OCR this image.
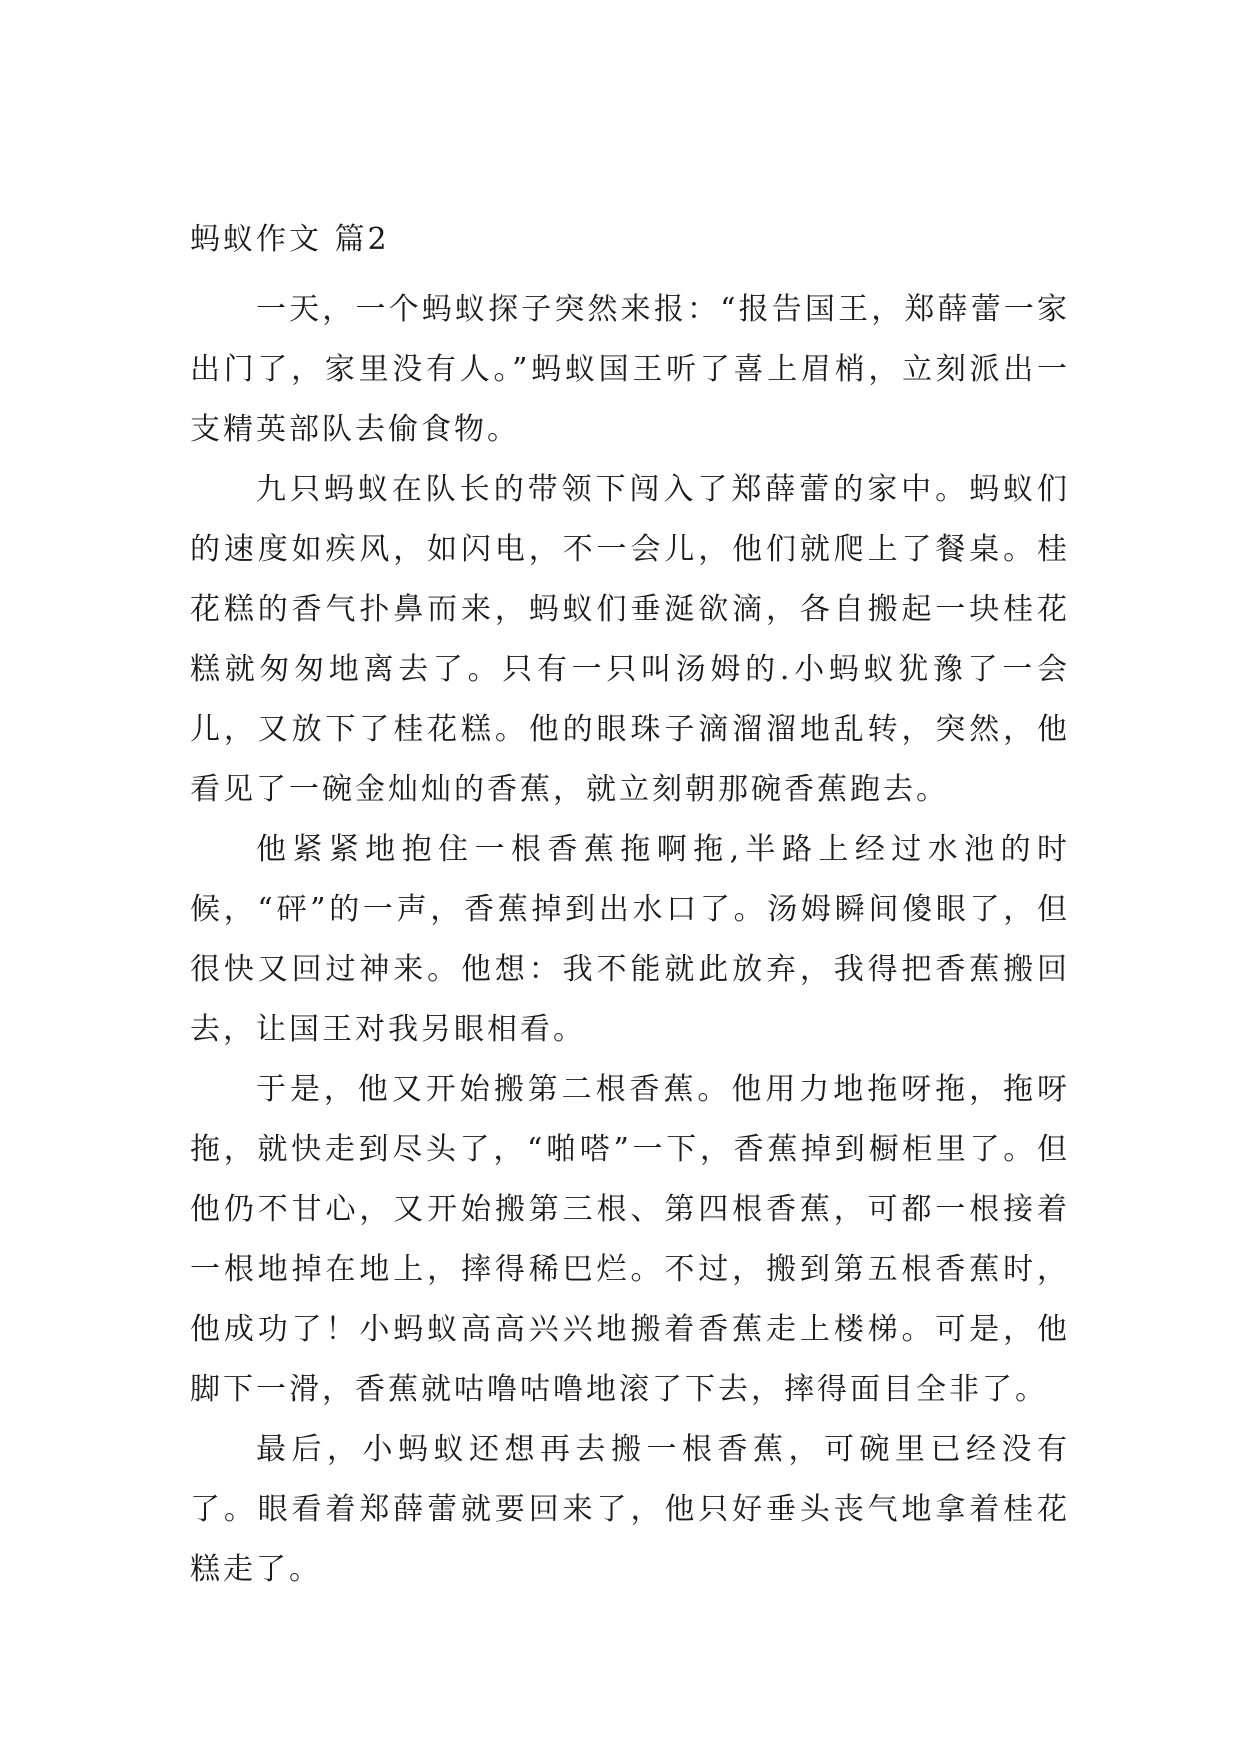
蚂蚁作文 篇2

一天，一个蚂蚁探子突然来报：“报告国王，郑薛蕾一家出门了，家里没有人。”蚂蚁国王听了喜上眉梢，立刻派出一支精英部队去偷食物。

九只蚂蚁在队长的带领下闯入了郑薛蕾的家中。蚂蚁们的速度如疾风，如闪电，不一会儿，他们就爬上了餐桌。桂花糕的香气扑鼻而来，蚂蚁们垂涎欲滴，各自搬起一块桂花糕就匆匆地离去了。只有一只叫汤姆的.小蚂蚁犹豫了一会儿，又放下了桂花糕。他的眼珠子滴溜溜地乱转，突然，他看见了一碗金灿灿的香蕉，就立刻朝那碗香蕉跑去。

他紧紧地抱住一根香蕉拖啊拖,半路上经过水池的时候，“砰”的一声，香蕉掉到出水口了。汤姆瞬间傻眼了，但很快又回过神来。他想：我不能就此放弃，我得把香蕉搬回去，让国王对我另眼相看。

于是，他又开始搬第二根香蕉。他用力地拖呀拖，拖呀拖，就快走到尽头了，“啪嗒”一下，香蕉掉到橱柜里了。但他仍不甘心，又开始搬第三根、第四根香蕉，可都一根接着一根地掉在地上，摔得稀巴烂。不过，搬到第五根香蕉时，他成功了！小蚂蚁高高兴兴地搬着香蕉走上楼梯。可是，他脚下一滑，香蕉就咕噜咕噜地滚了下去，摔得面目全非了。

最后，小蚂蚁还想再去搬一根香蕉，可碗里已经没有了。眼看着郑薛蕾就要回来了，他只好垂头丧气地拿着桂花糕走了。
